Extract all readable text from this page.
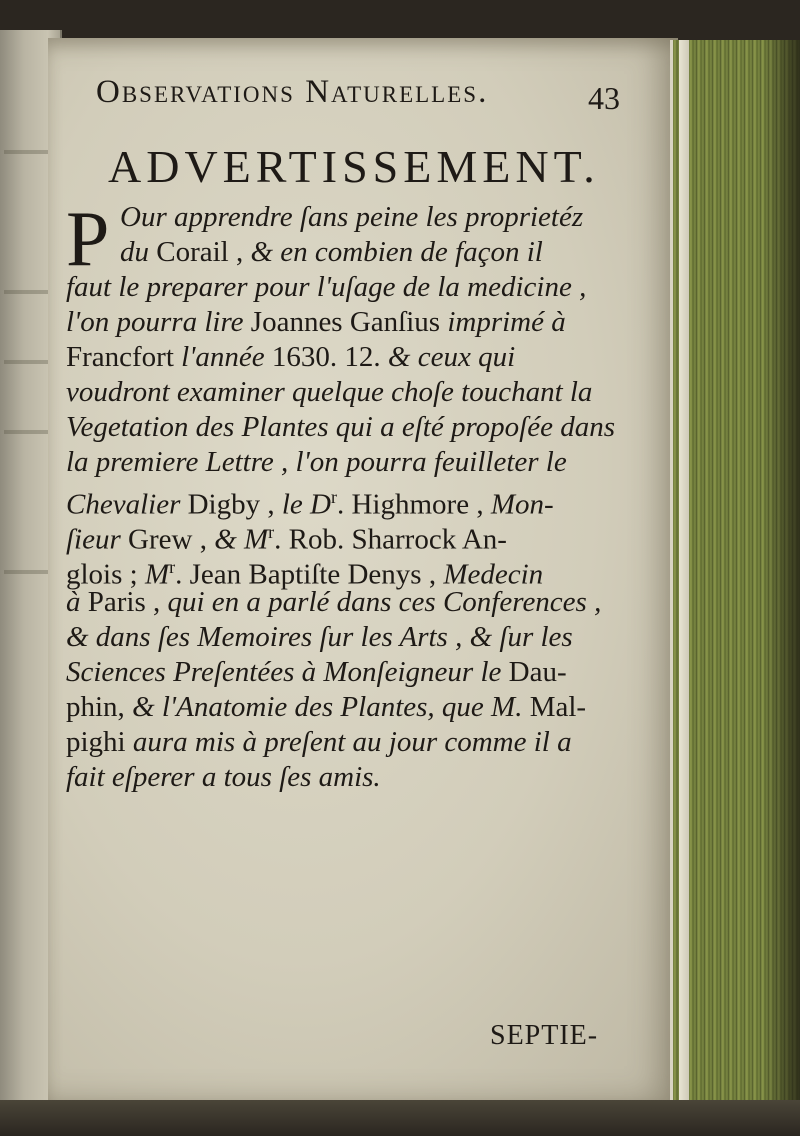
Observations Naturelles.	43
ADVERTISSEMENT.
P Our apprendre ſans peine les proprietéz
du Corail , & en combien de façon il
faut le preparer pour l'uſage de la medicine ,
l'on pourra lire Joannes Ganſius imprimé à
Francfort l'année 1630. 12. & ceux qui
voudront examiner quelque choſe touchant la
Vegetation des Plantes qui a eſté propoſée dans
la premiere Lettre , l'on pourra feuilleter le
Chevalier Digby , le $D^r$. Highmore , Mon-
ſieur Grew , & $M^r$. Rob. Sharrock An-
glois ; $M^r$. Jean Baptiſte Denys , Medecin
à Paris , qui en a parlé dans ces Conferences ,
& dans ſes Memoires ſur les Arts , & ſur les
Sciences Preſentées à Monſeigneur le Dau-
phin, & l'Anatomie des Plantes, que M. Mal-
pighi aura mis à preſent au jour comme il a
fait eſperer a tous ſes amis.
SEPTIE-
